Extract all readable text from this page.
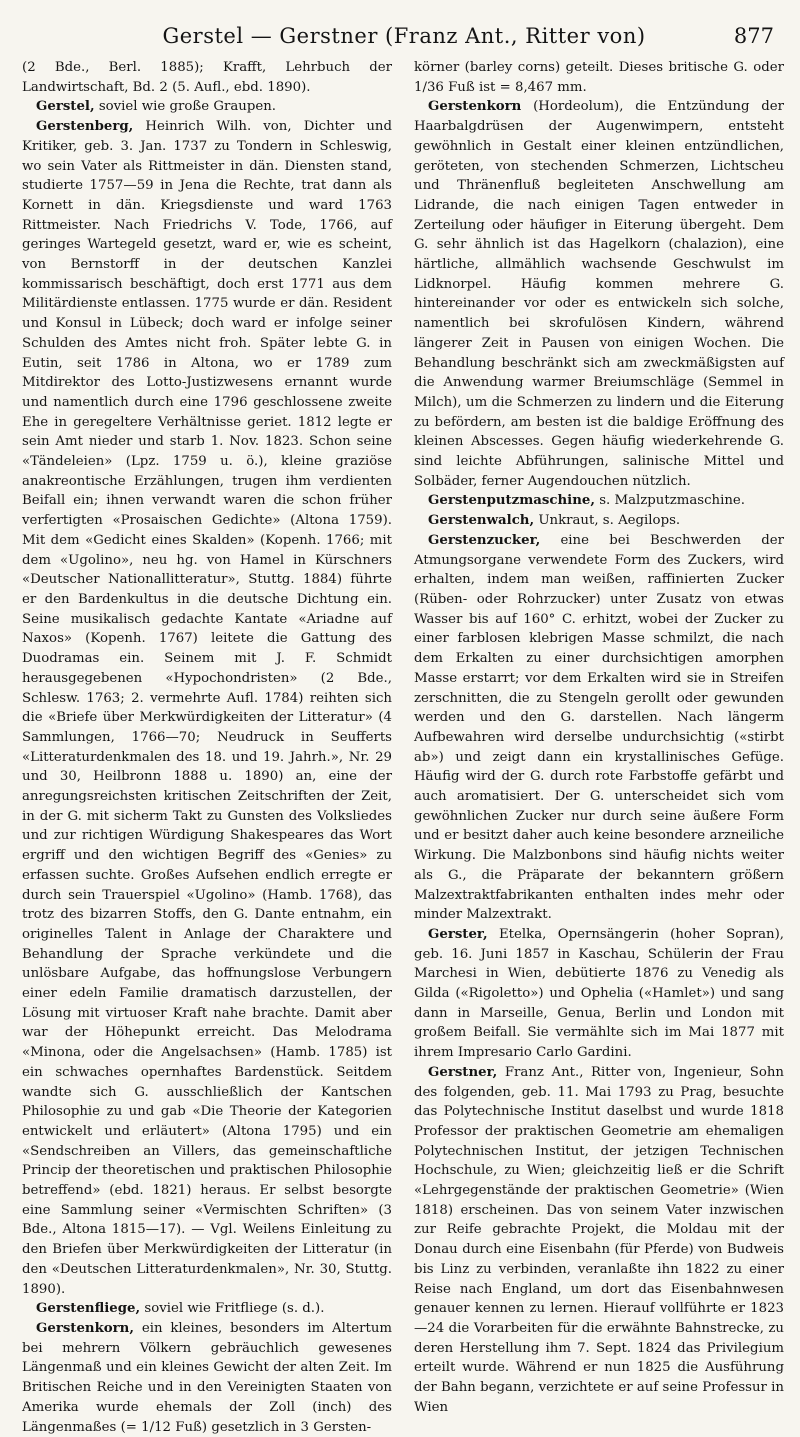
Gerstel — Gerstner (Franz Ant., Ritter von)	877

(2 Bde., Berl. 1885); Krafft, Lehrbuch der Landwirtschaft, Bd. 2 (5. Aufl., ebd. 1890).

Gerstel, soviel wie große Graupen.

Gerstenberg, Heinrich Wilh. von, Dichter und Kritiker, geb. 3. Jan. 1737 zu Tondern in Schleswig, wo sein Vater als Rittmeister in dän. Diensten stand, studierte 1757—59 in Jena die Rechte, trat dann als Kornett in dän. Kriegsdienste und ward 1763 Rittmeister. Nach Friedrichs V. Tode, 1766, auf geringes Wartegeld gesetzt, ward er, wie es scheint, von Bernstorff in der deutschen Kanzlei kommissarisch beschäftigt, doch erst 1771 aus dem Militärdienste entlassen. 1775 wurde er dän. Resident und Konsul in Lübeck; doch ward er infolge seiner Schulden des Amtes nicht froh. Später lebte G. in Eutin, seit 1786 in Altona, wo er 1789 zum Mitdirektor des Lotto-Justizwesens ernannt wurde und namentlich durch eine 1796 geschlossene zweite Ehe in geregeltere Verhältnisse geriet. 1812 legte er sein Amt nieder und starb 1. Nov. 1823. Schon seine «Tändeleien» (Lpz. 1759 u. ö.), kleine graziöse anakreontische Erzählungen, trugen ihm verdienten Beifall ein; ihnen verwandt waren die schon früher verfertigten «Prosaischen Gedichte» (Altona 1759). Mit dem «Gedicht eines Skalden» (Kopenh. 1766; mit dem «Ugolino», neu hg. von Hamel in Kürschners «Deutscher Nationallitteratur», Stuttg. 1884) führte er den Bardenkultus in die deutsche Dichtung ein. Seine musikalisch gedachte Kantate «Ariadne auf Naxos» (Kopenh. 1767) leitete die Gattung des Duodramas ein. Seinem mit J. F. Schmidt herausgegebenen «Hypochondristen» (2 Bde., Schlesw. 1763; 2. vermehrte Aufl. 1784) reihten sich die «Briefe über Merkwürdigkeiten der Litteratur» (4 Sammlungen, 1766—70; Neudruck in Seufferts «Litteraturdenkmalen des 18. und 19. Jahrh.», Nr. 29 und 30, Heilbronn 1888 u. 1890) an, eine der anregungsreichsten kritischen Zeitschriften der Zeit, in der G. mit sicherm Takt zu Gunsten des Volksliedes und zur richtigen Würdigung Shakespeares das Wort ergriff und den wichtigen Begriff des «Genies» zu erfassen suchte. Großes Aufsehen endlich erregte er durch sein Trauerspiel «Ugolino» (Hamb. 1768), das trotz des bizarren Stoffs, den G. Dante entnahm, ein originelles Talent in Anlage der Charaktere und Behandlung der Sprache verkündete und die unlösbare Aufgabe, das hoffnungslose Verbungern einer edeln Familie dramatisch darzustellen, der Lösung mit virtuoser Kraft nahe brachte. Damit aber war der Höhepunkt erreicht. Das Melodrama «Minona, oder die Angelsachsen» (Hamb. 1785) ist ein schwaches opernhaftes Bardenstück. Seitdem wandte sich G. ausschließlich der Kantschen Philosophie zu und gab «Die Theorie der Kategorien entwickelt und erläutert» (Altona 1795) und ein «Sendschreiben an Villers, das gemeinschaftliche Princip der theoretischen und praktischen Philosophie betreffend» (ebd. 1821) heraus. Er selbst besorgte eine Sammlung seiner «Vermischten Schriften» (3 Bde., Altona 1815—17). — Vgl. Weilens Einleitung zu den Briefen über Merkwürdigkeiten der Litteratur (in den «Deutschen Litteraturdenkmalen», Nr. 30, Stuttg. 1890).

Gerstenfliege, soviel wie Fritfliege (s. d.).

Gerstenkorn, ein kleines, besonders im Altertum bei mehrern Völkern gebräuchlich gewesenes Längenmaß und ein kleines Gewicht der alten Zeit. Im Britischen Reiche und in den Vereinigten Staaten von Amerika wurde ehemals der Zoll (inch) des Längenmaßes (= 1/12 Fuß) gesetzlich in 3 Gersten-

körner (barley corns) geteilt. Dieses britische G. oder 1/36 Fuß ist = 8,467 mm.

Gerstenkorn (Hordeolum), die Entzündung der Haarbalgdrüsen der Augenwimpern, entsteht gewöhnlich in Gestalt einer kleinen entzündlichen, geröteten, von stechenden Schmerzen, Lichtscheu und Thränenfluß begleiteten Anschwellung am Lidrande, die nach einigen Tagen entweder in Zerteilung oder häufiger in Eiterung übergeht. Dem G. sehr ähnlich ist das Hagelkorn (chalazion), eine härtliche, allmählich wachsende Geschwulst im Lidknorpel. Häufig kommen mehrere G. hintereinander vor oder es entwickeln sich solche, namentlich bei skrofulösen Kindern, während längerer Zeit in Pausen von einigen Wochen. Die Behandlung beschränkt sich am zweckmäßigsten auf die Anwendung warmer Breiumschläge (Semmel in Milch), um die Schmerzen zu lindern und die Eiterung zu befördern, am besten ist die baldige Eröffnung des kleinen Abscesses. Gegen häufig wiederkehrende G. sind leichte Abführungen, salinische Mittel und Solbäder, ferner Augendouchen nützlich.

Gerstenputzmaschine, s. Malzputzmaschine.

Gerstenwalch, Unkraut, s. Aegilops.

Gerstenzucker, eine bei Beschwerden der Atmungsorgane verwendete Form des Zuckers, wird erhalten, indem man weißen, raffinierten Zucker (Rüben- oder Rohrzucker) unter Zusatz von etwas Wasser bis auf 160° C. erhitzt, wobei der Zucker zu einer farblosen klebrigen Masse schmilzt, die nach dem Erkalten zu einer durchsichtigen amorphen Masse erstarrt; vor dem Erkalten wird sie in Streifen zerschnitten, die zu Stengeln gerollt oder gewunden werden und den G. darstellen. Nach längerm Aufbewahren wird derselbe undurchsichtig («stirbt ab») und zeigt dann ein krystallinisches Gefüge. Häufig wird der G. durch rote Farbstoffe gefärbt und auch aromatisiert. Der G. unterscheidet sich vom gewöhnlichen Zucker nur durch seine äußere Form und er besitzt daher auch keine besondere arzneiliche Wirkung. Die Malzbonbons sind häufig nichts weiter als G., die Präparate der bekanntern größern Malzextraktfabrikanten enthalten indes mehr oder minder Malzextrakt.

Gerster, Etelka, Opernsängerin (hoher Sopran), geb. 16. Juni 1857 in Kaschau, Schülerin der Frau Marchesi in Wien, debütierte 1876 zu Venedig als Gilda («Rigoletto») und Ophelia («Hamlet») und sang dann in Marseille, Genua, Berlin und London mit großem Beifall. Sie vermählte sich im Mai 1877 mit ihrem Impresario Carlo Gardini.

Gerstner, Franz Ant., Ritter von, Ingenieur, Sohn des folgenden, geb. 11. Mai 1793 zu Prag, besuchte das Polytechnische Institut daselbst und wurde 1818 Professor der praktischen Geometrie am ehemaligen Polytechnischen Institut, der jetzigen Technischen Hochschule, zu Wien; gleichzeitig ließ er die Schrift «Lehrgegenstände der praktischen Geometrie» (Wien 1818) erscheinen. Das von seinem Vater inzwischen zur Reife gebrachte Projekt, die Moldau mit der Donau durch eine Eisenbahn (für Pferde) von Budweis bis Linz zu verbinden, veranlaßte ihn 1822 zu einer Reise nach England, um dort das Eisenbahnwesen genauer kennen zu lernen. Hierauf vollführte er 1823—24 die Vorarbeiten für die erwähnte Bahnstrecke, zu deren Herstellung ihm 7. Sept. 1824 das Privilegium erteilt wurde. Während er nun 1825 die Ausführung der Bahn begann, verzichtete er auf seine Professur in Wien
